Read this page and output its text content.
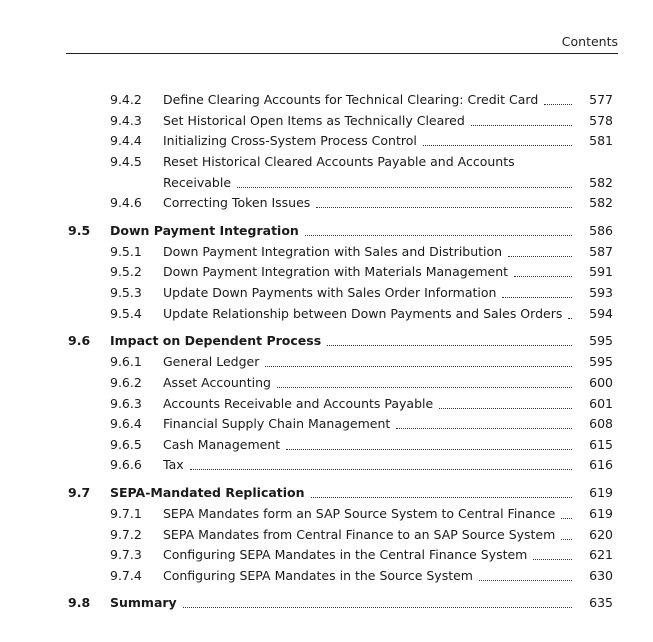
Contents
9.4.2 Define Clearing Accounts for Technical Clearing: Credit Card	577
9.4.3 Set Historical Open Items as Technically Cleared	578
9.4.4 Initializing Cross-System Process Control	581
9.4.5 Reset Historical Cleared Accounts Payable and Accounts
Receivable	582
9.4.6 Correcting Token Issues	582
9.5 Down Payment Integration	586
9.5.1 Down Payment Integration with Sales and Distribution	587
9.5.2 Down Payment Integration with Materials Management	591
9.5.3 Update Down Payments with Sales Order Information	593
9.5.4 Update Relationship between Down Payments and Sales Orders 594
9.6 Impact on Dependent Process	595
9.6.1 General Ledger	595
9.6.2 Asset Accounting	600
9.6.3 Accounts Receivable and Accounts Payable	601
9.6.4 Financial Supply Chain Management	608
9.6.5 Cash Management	615
9.6.6 Tax	616
9.7 SEPA-Mandated Replication	619
9.7.1 SEPA Mandates form an SAP Source System to Central Finance	619
9.7.2 SEPA Mandates from Central Finance to an SAP Source System	620
9.7.3 Configuring SEPA Mandates in the Central Finance System	621
9.7.4 Configuring SEPA Mandates in the Source System	630
9.8 Summary	635
